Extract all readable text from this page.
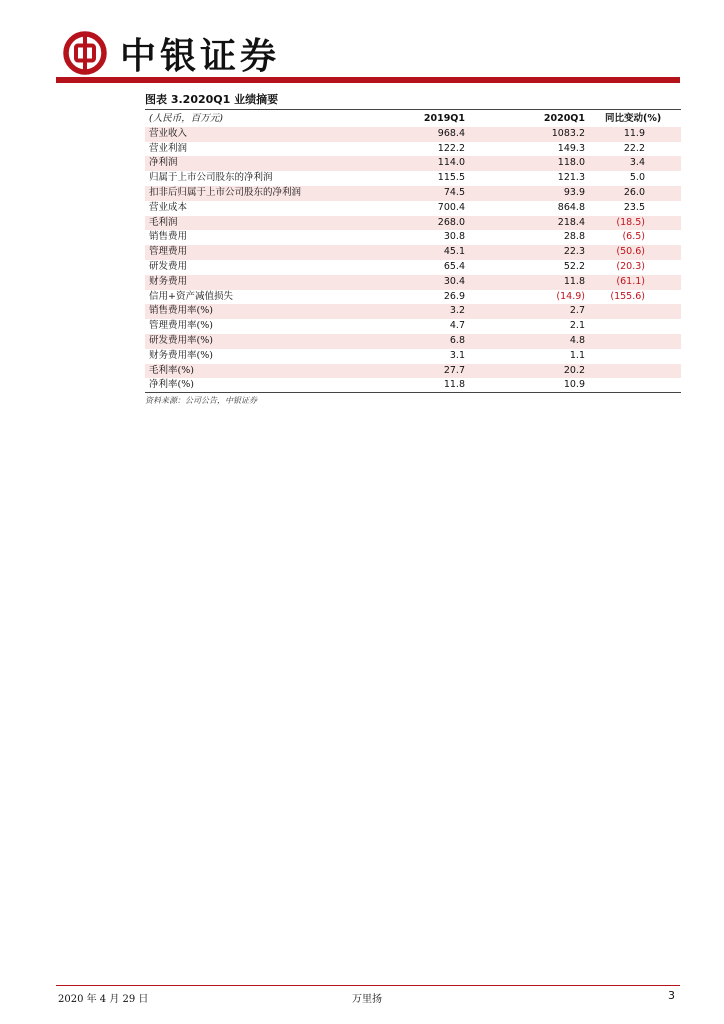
中银证券
图表 3.2020Q1 业绩摘要
(人民币，百万元)	2019Q1	2020Q1	同比变动(%)
营业收入	968.4	1083.2	11.9
营业利润	122.2	149.3	22.2
净利润	114.0	118.0	3.4
归属于上市公司股东的净利润	115.5	121.3	5.0
扣非后归属于上市公司股东的净利润	74.5	93.9	26.0
营业成本	700.4	864.8	23.5
毛利润	268.0	218.4	(18.5)
销售费用	30.8	28.8	(6.5)
管理费用	45.1	22.3	(50.6)
研发费用	65.4	52.2	(20.3)
财务费用	30.4	11.8	(61.1)
信用+资产减值损失	26.9	(14.9)	(155.6)
销售费用率(%)	3.2	2.7	
管理费用率(%)	4.7	2.1	
研发费用率(%)	6.8	4.8	
财务费用率(%)	3.1	1.1	
毛利率(%)	27.7	20.2	
净利率(%)	11.8	10.9	
资料来源：公司公告，中银证券
2020 年 4 月 29 日	万里扬	3
